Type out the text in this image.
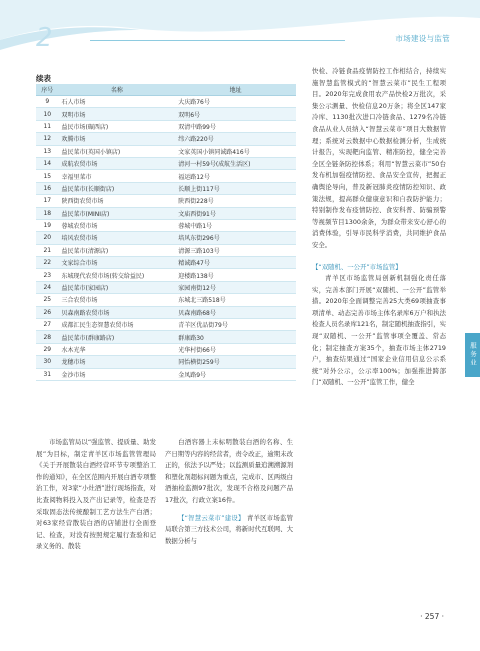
2	市场建设与监管
续表
序号	名称	地址
9	石人市场	大庆路76号
10	双明市场	双明6号
11	益民市场(碾西店)	双清中路99号
12	欢腾市场	纬六路220号
13	益民菜市(英国小镇店)	文家英国小镇同诚路416号
14	成航农贸市场	清河一村59号(成航生活区)
15	幸福里菜市	福运路12号
16	益民菜市(长顺街店)	长顺上街117号
17	陕西街农贸市场	陕西街228号
18	益民菜市(MINI店)	文庙西街91号
19	蓉城农贸市场	蓉城中路1号
20	培风农贸市场	培风东街296号
21	益民菜市(清源店)	清源三路103号
22	文家综合市场	精诚路47号
23	东城现代农贸市场(转交给益民)	迎楼路138号
24	益民菜市(家园店)	家园南街12号
25	三合农贸市场	东城北三路518号
26	贝森南路农贸市场	贝森南路68号
27	成都汇民生态智慧农贸市场	青羊区优品街79号
28	益民菜市(群康路店)	群康路30
29	水木光华	光华村街66号
30	龙穗市场	同怡横街259号
31	金沙市场	金凤路9号

市场监管局以“强监管、提质量、助发展”为目标，制定青羊区市场监管管理局《关于开展散装白酒经营环节专项整治工作的通知》，在全区范围内开展白酒专项整治工作，对3家“小灶酒”进行现场指查，对比查阅物料投入及产出记录等，检查是否采取固态法传统酿制工艺方法生产白酒；对63家经营散装白酒的店铺进行全面登记、检查，对没有按照规定履行查验和记录义务的、散装

白酒容器上未标明散装白酒的名称、生产日期等内容的经营者，责令改正，逾期未改正的，依法予以严处；以监测质量追溯溯源剂和塑化剂超标问题为重点，完成市、区两级白酒抽检监测97批次，发现不合格及问题产品17批次，行政立案16件。

【“智慧云菜市”建设】 青羊区市场监管局联合第三方技术公司，将新时代互联网、大数据分析与

快检、冷链食品疫情防控工作相结合，持续实施智慧监管模式的“智慧云菜市”民生工程项目。2020年完成食用农产品快检2万批次，采集公示测量、快检信息20万条；将全区147家冷库、1130批次进口冷链食品、1279名冷链食品从业人员纳入“智慧云菜市”项目大数据管理；系统对云数据中心数据检测分析，生成统计报告，实现靶向监管、精准防控，健全完善全区全链条防控体系；利用“智慧云菜市”50台发布机加强疫情防控、食品安全宣传，把握正确舆论导向，普及新冠肺炎疫情防控知识、政策法规，提高群众健康意识和自我防护能力；特别制作发布疫情防控、食安科普、防骗预警等视频节目1300余条，为群众带来安心舒心的消费体验，引导市民科学消费，共同维护食品安全。

【“双随机、一公开”市场监管】

青羊区市场监管局创新机制强化责任落实，完善本部门开展“双随机、一公开”监管举措。2020年全面调整完善25大类69项抽查事项清单、动态完善市场主体名录库6万户和执法检查人员名录库121名，制定随机抽查指引，实现“双随机、一公开”监管事项全覆盖、常态化；制定抽查方案35个，抽查市场主体2719户，抽查结果通过“国家企业信用信息公示系统”对外公示，公示率100%；加强推进跨部门“双随机、一公开”监管工作，健全

服务业
· 257 ·
